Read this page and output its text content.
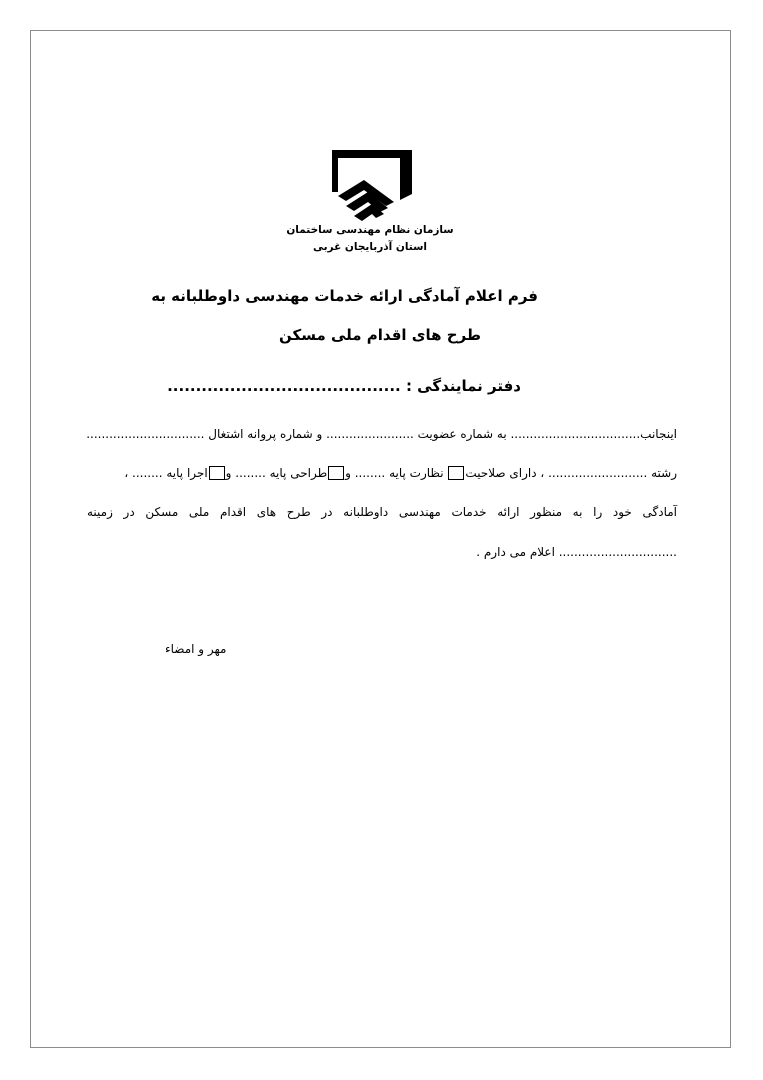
سازمان نظام مهندسی ساختمان
استان آذربایجان غربی
فرم اعلام آمادگی ارائه خدمات مهندسی داوطلبانه به
طرح های اقدام ملی مسکن
دفتر نمایندگی : .........................................
اینجانب.................................. به شماره عضویت ....................... و شماره پروانه اشتغال ...............................
رشته .......................... ، دارای صلاحیت نظارت پایه ........ وطراحی پایه ........ واجرا پایه ........ ،
آمادگی خود را به منظور ارائه خدمات مهندسی داوطلبانه در طرح های اقدام ملی مسکن در زمینه
............................... اعلام می دارم .
مهر و امضاء
